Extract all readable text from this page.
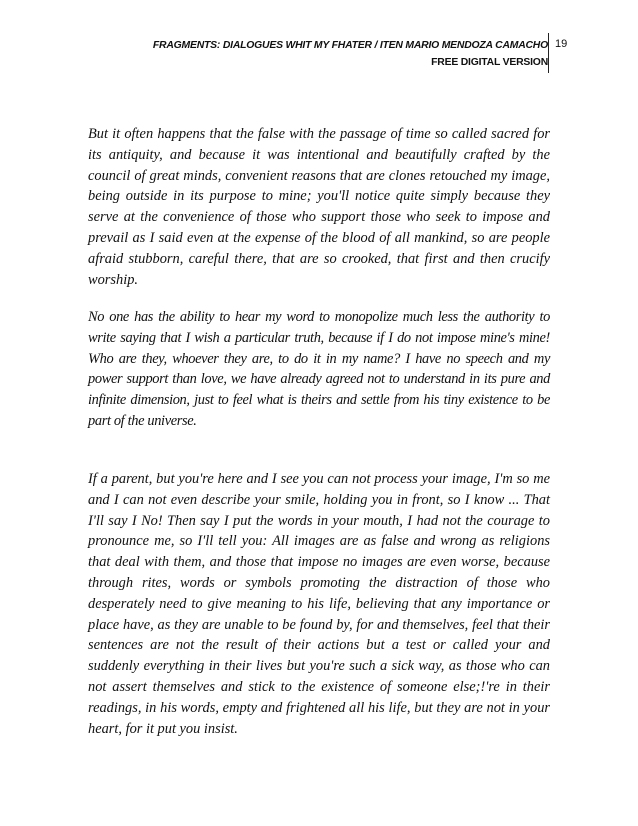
FRAGMENTS: DIALOGUES WHIT MY FHATER / ITEN MARIO MENDOZA CAMACHO
FREE DIGITAL VERSION
19

But it often happens that the false with the passage of time so called sacred for its antiquity, and because it was intentional and beautifully crafted by the council of great minds, convenient reasons that are clones retouched my image, being outside in its purpose to mine; you'll notice quite simply because they serve at the convenience of those who support those who seek to impose and prevail as I said even at the expense of the blood of all mankind, so are people afraid stubborn, careful there, that are so crooked, that first and then crucify worship.

No one has the ability to hear my word to monopolize much less the authority to write saying that I wish a particular truth, because if I do not impose mine's mine! Who are they, whoever they are, to do it in my name? I have no speech and my power support than love, we have already agreed not to understand in its pure and infinite dimension, just to feel what is theirs and settle from his tiny existence to be part of the universe.

If a parent, but you're here and I see you can not process your image, I'm so me and I can not even describe your smile, holding you in front, so I know ... That I'll say I No! Then say I put the words in your mouth, I had not the courage to pronounce me, so I'll tell you: All images are as false and wrong as religions that deal with them, and those that impose no images are even worse, because through rites, words or symbols promoting the distraction of those who desperately need to give meaning to his life, believing that any importance or place have, as they are unable to be found by, for and themselves, feel that their sentences are not the result of their actions but a test or called your and suddenly everything in their lives but you're such a sick way, as those who can not assert themselves and stick to the existence of someone else;!'re in their readings, in his words, empty and frightened all his life, but they are not in your heart, for it put you insist.
